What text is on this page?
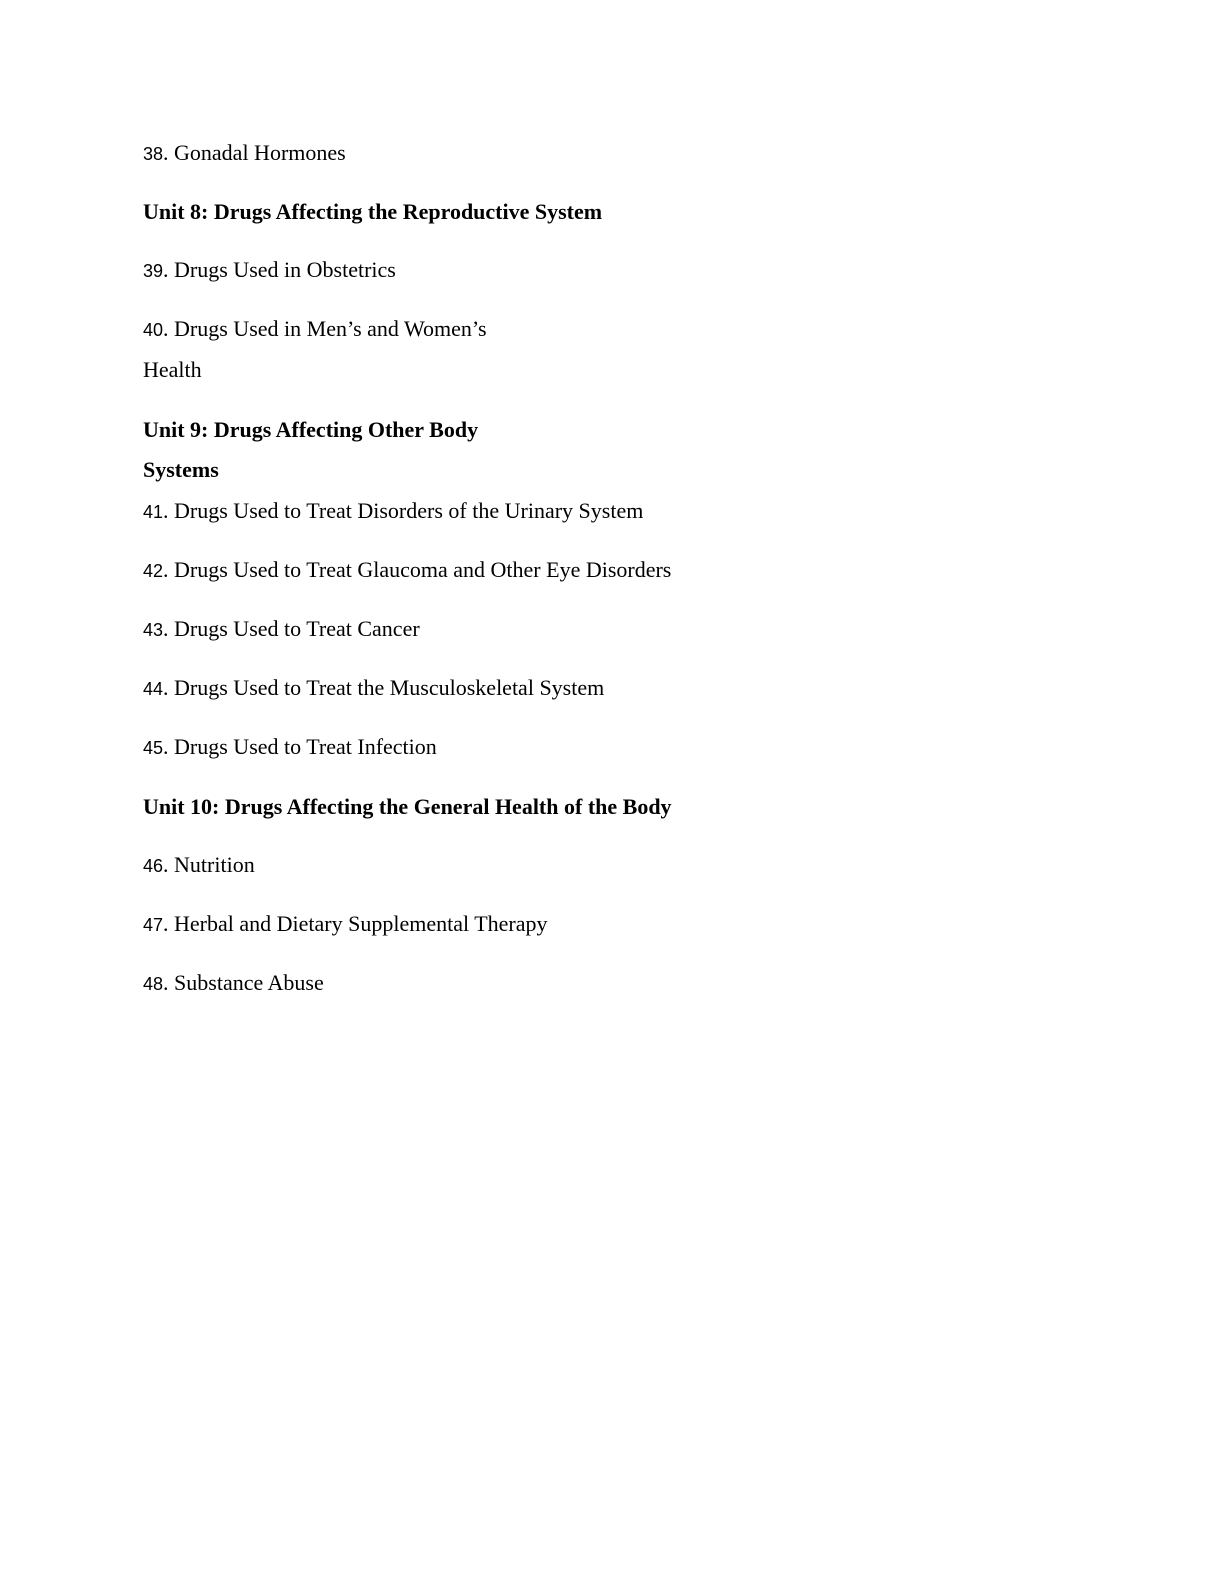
38. Gonadal Hormones
Unit 8: Drugs Affecting the Reproductive System
39. Drugs Used in Obstetrics
40. Drugs Used in Men’s and Women’s
Health
Unit 9: Drugs Affecting Other Body
Systems
41. Drugs Used to Treat Disorders of the Urinary System
42. Drugs Used to Treat Glaucoma and Other Eye Disorders
43. Drugs Used to Treat Cancer
44. Drugs Used to Treat the Musculoskeletal System
45. Drugs Used to Treat Infection
Unit 10: Drugs Affecting the General Health of the Body
46. Nutrition
47. Herbal and Dietary Supplemental Therapy
48. Substance Abuse
